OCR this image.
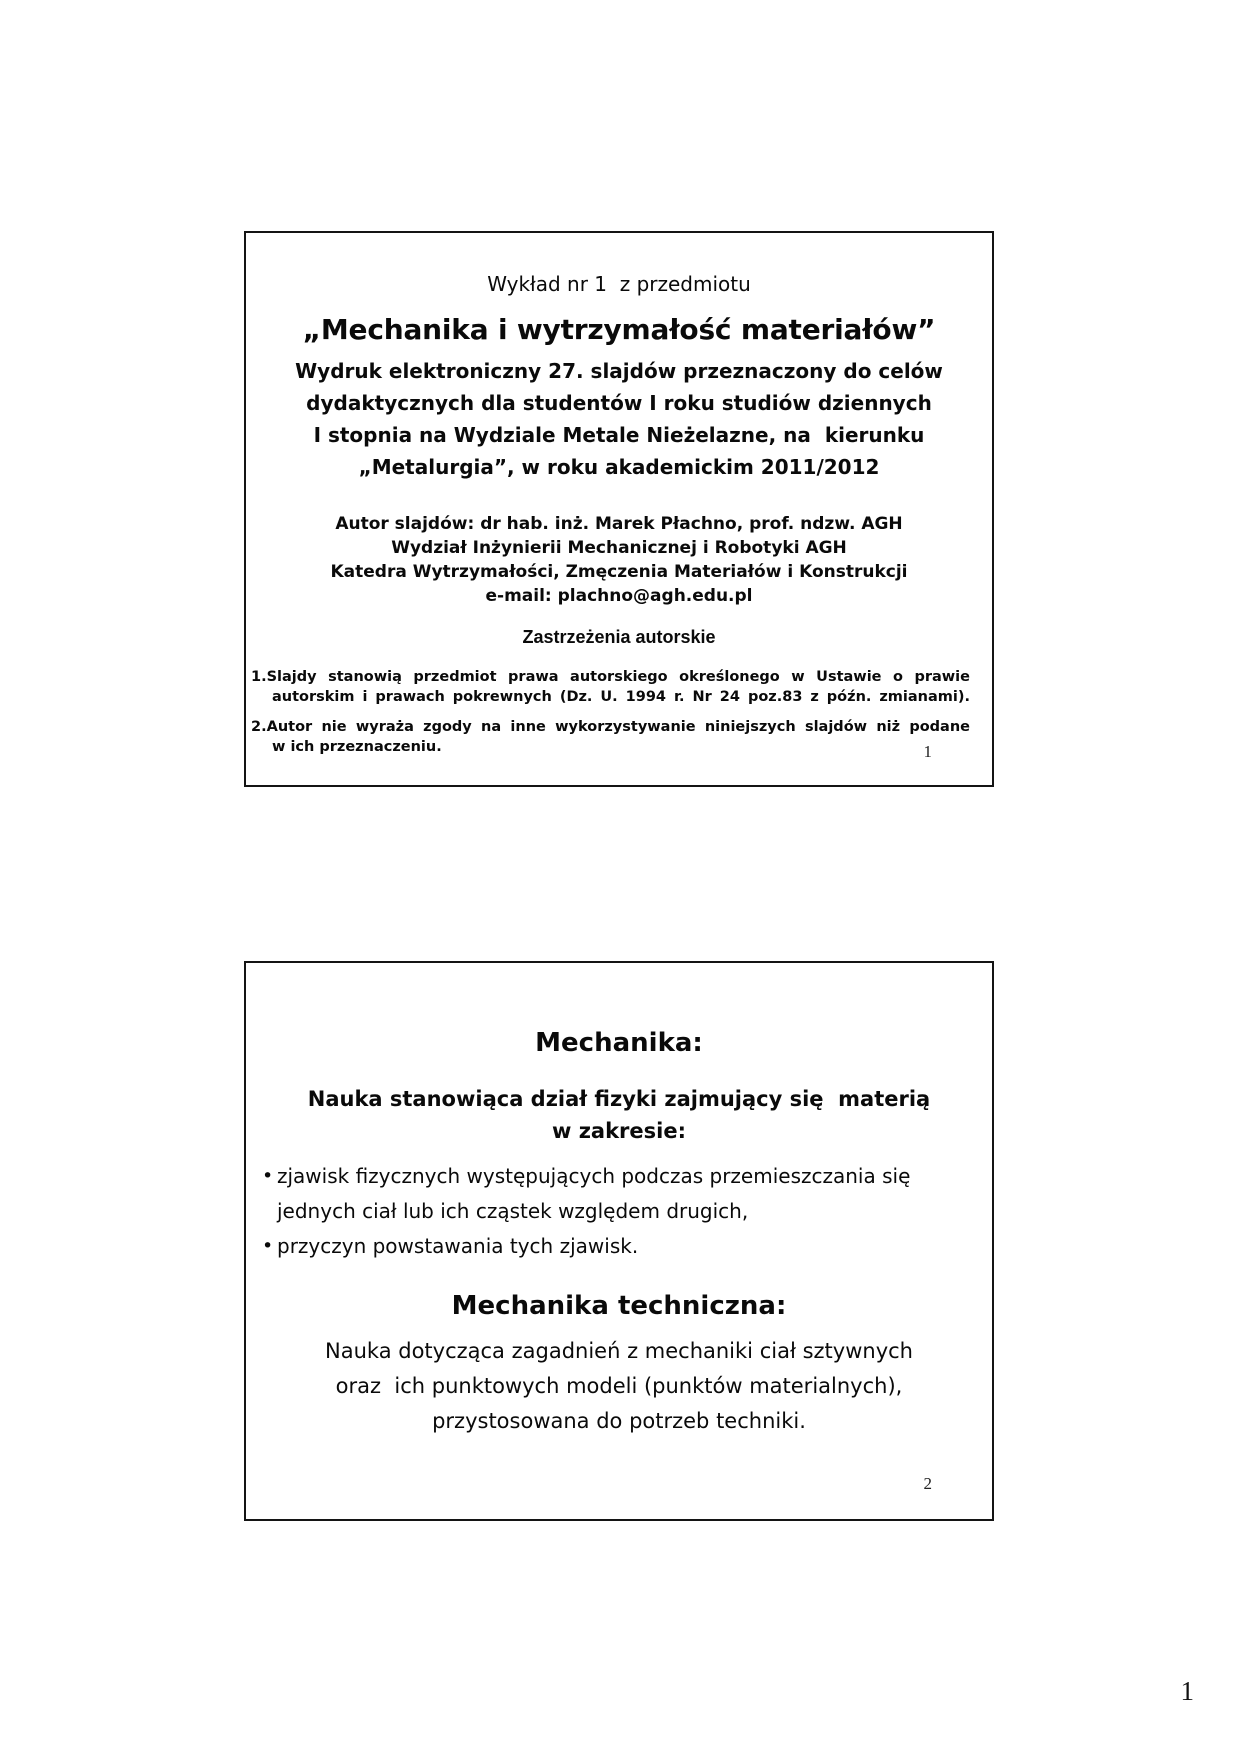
Wykład nr 1  z przedmiotu
„Mechanika i wytrzymałość materiałów”
Wydruk elektroniczny 27. slajdów przeznaczony do celów
dydaktycznych dla studentów I roku studiów dziennych
I stopnia na Wydziale Metale Nieżelazne, na  kierunku
„Metalurgia”, w roku akademickim 2011/2012
Autor slajdów: dr hab. inż. Marek Płachno, prof. ndzw. AGH
Wydział Inżynierii Mechanicznej i Robotyki AGH
Katedra Wytrzymałości, Zmęczenia Materiałów i Konstrukcji
e-mail: plachno@agh.edu.pl
Zastrzeżenia autorskie
1.Slajdy stanowią przedmiot prawa autorskiego określonego w Ustawie o prawie
autorskim i prawach pokrewnych (Dz. U. 1994 r. Nr 24 poz.83 z późn. zmianami).
2.Autor nie wyraża zgody na inne wykorzystywanie niniejszych slajdów niż podane
w ich przeznaczeniu.	1
Mechanika:
Nauka stanowiąca dział fizyki zajmujący się  materią
w zakresie:
• zjawisk fizycznych występujących podczas przemieszczania się
jednych ciał lub ich cząstek względem drugich,
• przyczyn powstawania tych zjawisk.
Mechanika techniczna:
Nauka dotycząca zagadnień z mechaniki ciał sztywnych
oraz  ich punktowych modeli (punktów materialnych),
przystosowana do potrzeb techniki.
2
1
